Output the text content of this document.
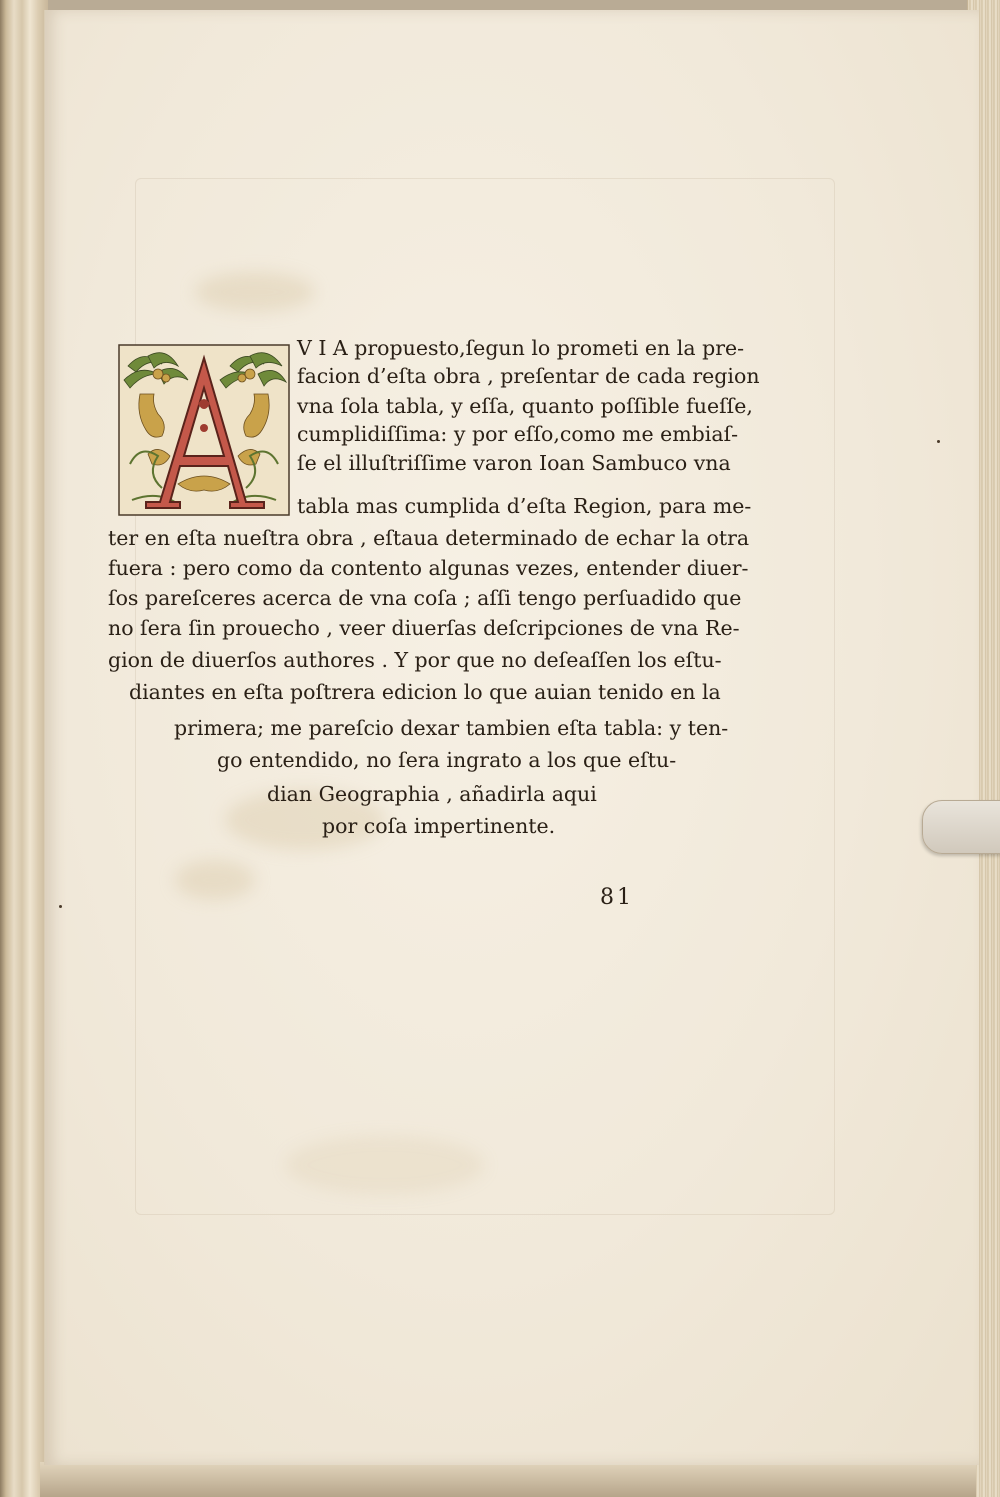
V I A propuesto,ſegun lo prometi en la pre-
facion d’eſta obra , preſentar de cada region
vna ſola tabla, y eſſa, quanto poſſible fueſſe,
cumplidiſſima: y por eſſo,como me embiaſ-
ſe el illuſtriſſime varon Ioan Sambuco vna
tabla mas cumplida d’eſta Region, para me-
ter en eſta nueſtra obra , eſtaua determinado de echar la otra
fuera : pero como da contento algunas vezes, entender diuer-
ſos pareſceres acerca de vna coſa ; aſſi tengo perſuadido que
no ſera ſin prouecho , veer diuerſas deſcripciones de vna Re-
gion de diuerſos authores . Y por que no deſeaſſen los eſtu-
diantes en eſta poſtrera edicion lo que auian tenido en la
primera; me pareſcio dexar tambien eſta tabla: y ten-
go entendido, no ſera ingrato a los que eſtu-
dian Geographia , añadirla aqui
por coſa impertinente.
81
